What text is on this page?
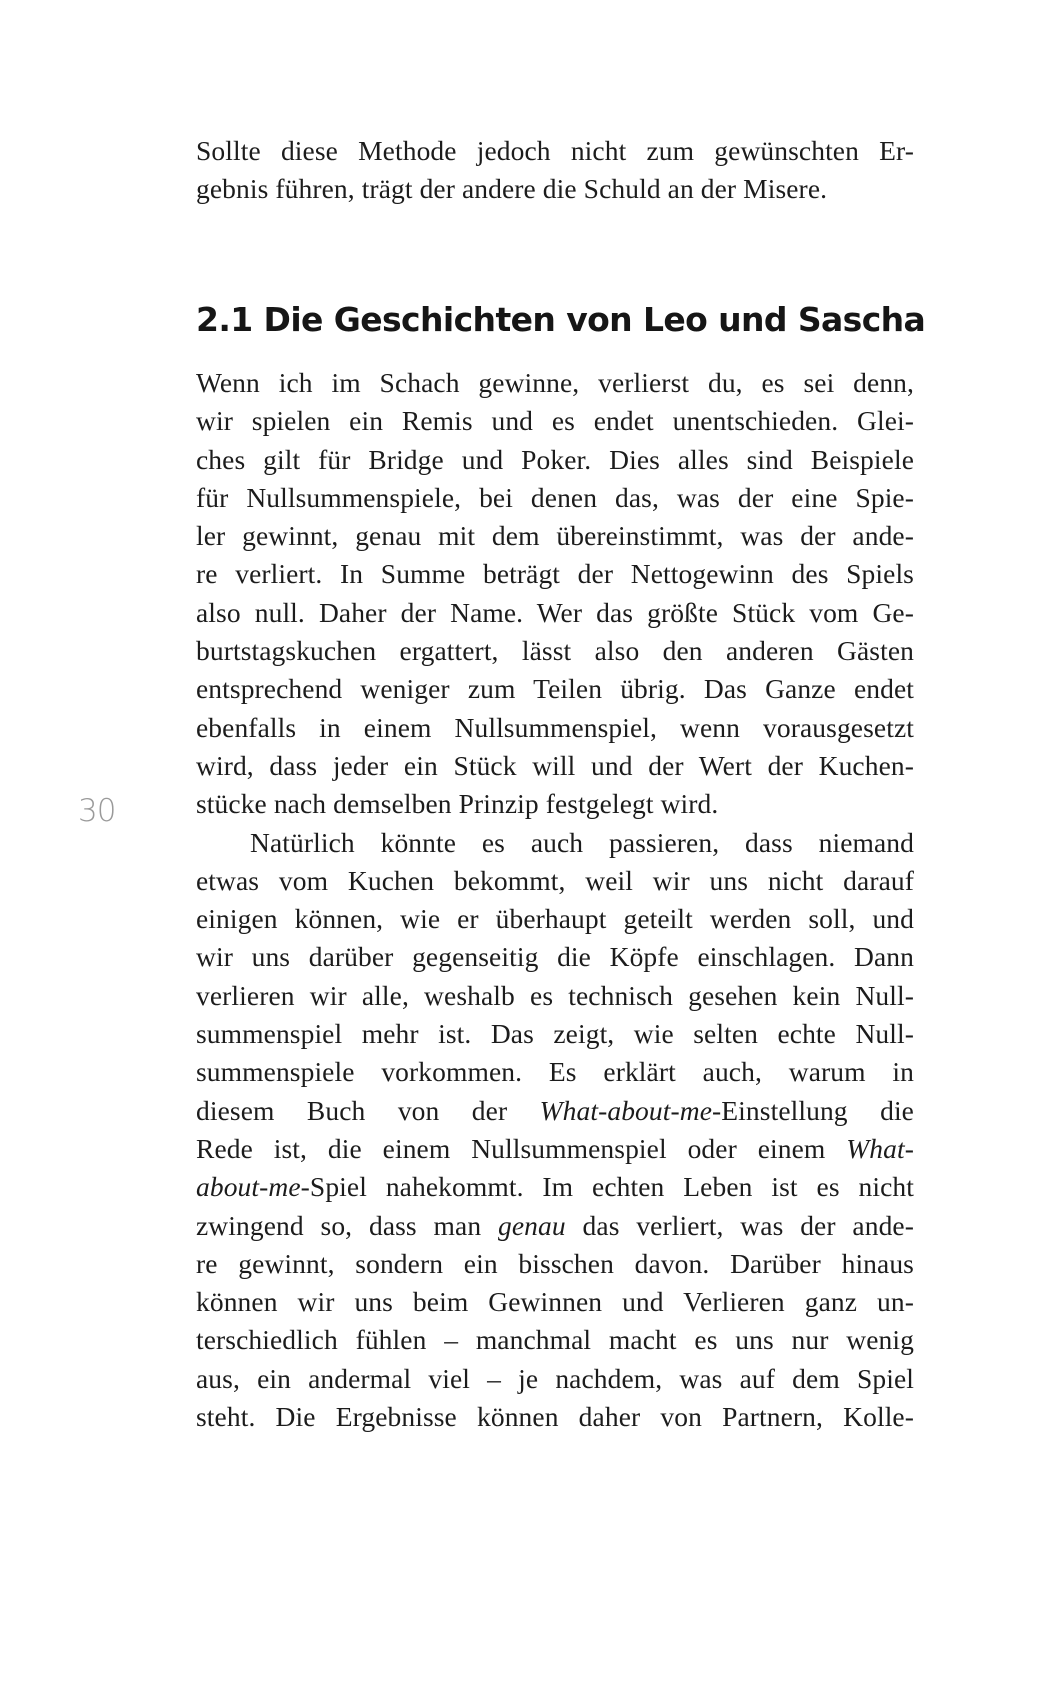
Sollte diese Methode jedoch nicht zum gewünschten Er-
gebnis führen, trägt der andere die Schuld an der Misere.
2.1 Die Geschichten von Leo und Sascha
Wenn ich im Schach gewinne, verlierst du, es sei denn,
wir spielen ein Remis und es endet unentschieden. Glei-
ches gilt für Bridge und Poker. Dies alles sind Beispiele
für Nullsummenspiele, bei denen das, was der eine Spie-
ler gewinnt, genau mit dem übereinstimmt, was der ande-
re verliert. In Summe beträgt der Nettogewinn des Spiels
also null. Daher der Name. Wer das größte Stück vom Ge-
burtstagskuchen ergattert, lässt also den anderen Gästen
entsprechend weniger zum Teilen übrig. Das Ganze endet
ebenfalls in einem Nullsummenspiel, wenn vorausgesetzt
wird, dass jeder ein Stück will und der Wert der Kuchen-
stücke nach demselben Prinzip festgelegt wird.
Natürlich könnte es auch passieren, dass niemand
etwas vom Kuchen bekommt, weil wir uns nicht darauf
einigen können, wie er überhaupt geteilt werden soll, und
wir uns darüber gegenseitig die Köpfe einschlagen. Dann
verlieren wir alle, weshalb es technisch gesehen kein Null-
summenspiel mehr ist. Das zeigt, wie selten echte Null-
summenspiele vorkommen. Es erklärt auch, warum in
diesem Buch von der What-about-me-Einstellung die
Rede ist, die einem Nullsummenspiel oder einem What-
about-me-Spiel nahekommt. Im echten Leben ist es nicht
zwingend so, dass man genau das verliert, was der ande-
re gewinnt, sondern ein bisschen davon. Darüber hinaus
können wir uns beim Gewinnen und Verlieren ganz un-
terschiedlich fühlen – manchmal macht es uns nur wenig
aus, ein andermal viel – je nachdem, was auf dem Spiel
steht. Die Ergebnisse können daher von Partnern, Kolle-
30
